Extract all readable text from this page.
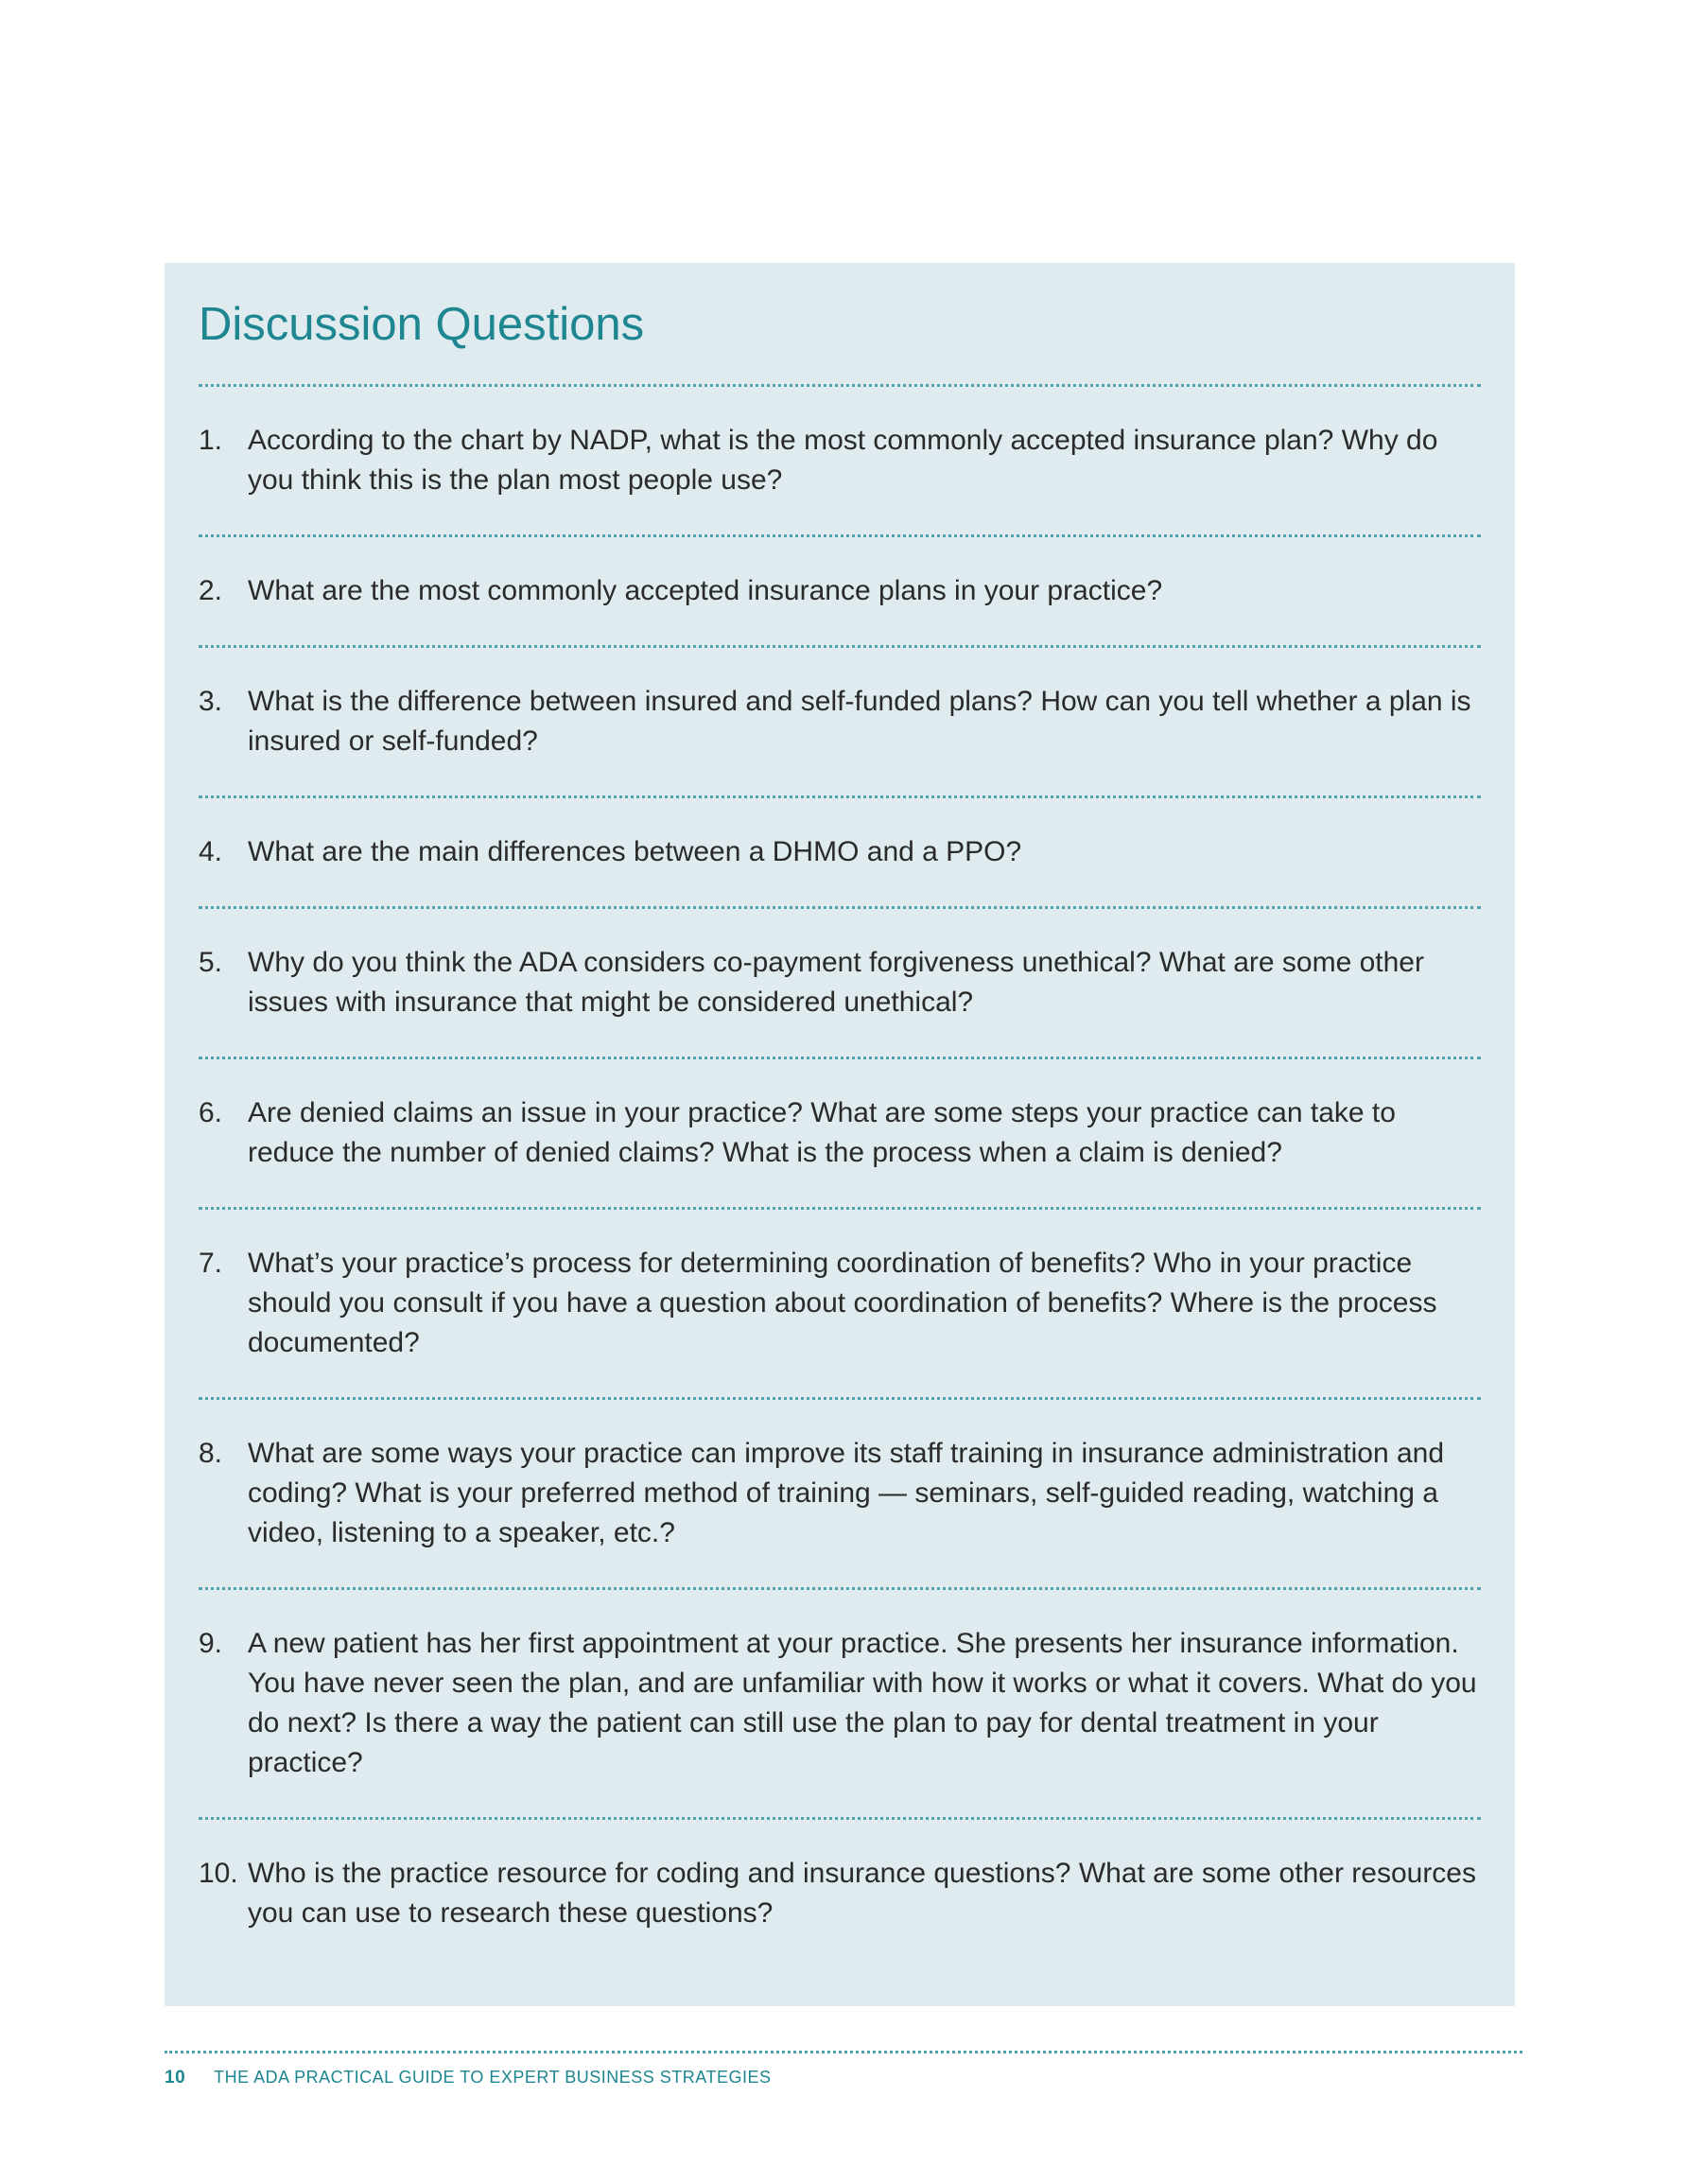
Discussion Questions
1. According to the chart by NADP, what is the most commonly accepted insurance plan? Why do you think this is the plan most people use?
2. What are the most commonly accepted insurance plans in your practice?
3. What is the difference between insured and self-funded plans? How can you tell whether a plan is insured or self-funded?
4. What are the main differences between a DHMO and a PPO?
5. Why do you think the ADA considers co-payment forgiveness unethical? What are some other issues with insurance that might be considered unethical?
6. Are denied claims an issue in your practice? What are some steps your practice can take to reduce the number of denied claims? What is the process when a claim is denied?
7. What’s your practice’s process for determining coordination of benefits? Who in your practice should you consult if you have a question about coordination of benefits? Where is the process documented?
8. What are some ways your practice can improve its staff training in insurance administration and coding? What is your preferred method of training — seminars, self-guided reading, watching a video, listening to a speaker, etc.?
9. A new patient has her first appointment at your practice. She presents her insurance information. You have never seen the plan, and are unfamiliar with how it works or what it covers. What do you do next? Is there a way the patient can still use the plan to pay for dental treatment in your practice?
10. Who is the practice resource for coding and insurance questions? What are some other resources you can use to research these questions?
10 THE ADA PRACTICAL GUIDE TO EXPERT BUSINESS STRATEGIES
